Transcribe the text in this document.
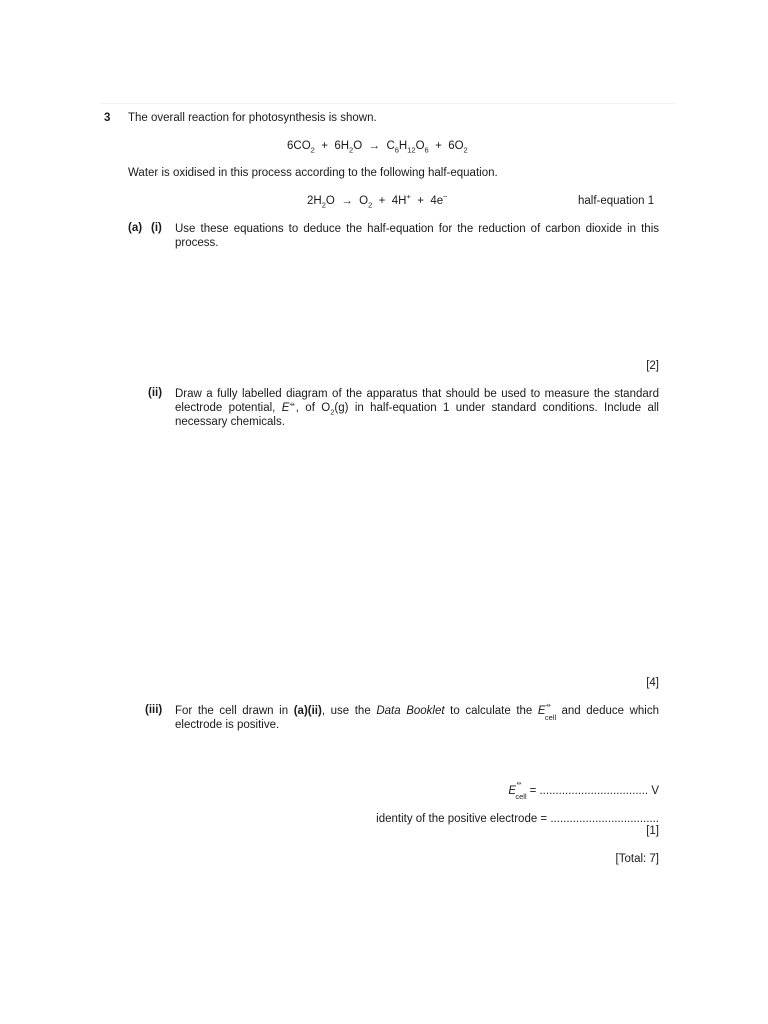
3 The overall reaction for photosynthesis is shown.
$6CO_2 + 6H_2O \to C_6H_{12}O_6 + 6O_2$
Water is oxidised in this process according to the following half-equation.
$2H_2O \to O_2 + 4H^+ + 4e^-$	half-equation 1
(a) (i) Use these equations to deduce the half-equation for the reduction of carbon dioxide in this process.
[2]
(ii) Draw a fully labelled diagram of the apparatus that should be used to measure the standard electrode potential, E⦵, of $O_2(g)$ in half-equation 1 under standard conditions. Include all necessary chemicals.
[4]
(iii) For the cell drawn in (a)(ii), use the Data Booklet to calculate the E ⦵
cell
and deduce which electrode is positive.
E
⦵
cell = .................................. V
identity of the positive electrode = ..................................
[1]
[Total: 7]
